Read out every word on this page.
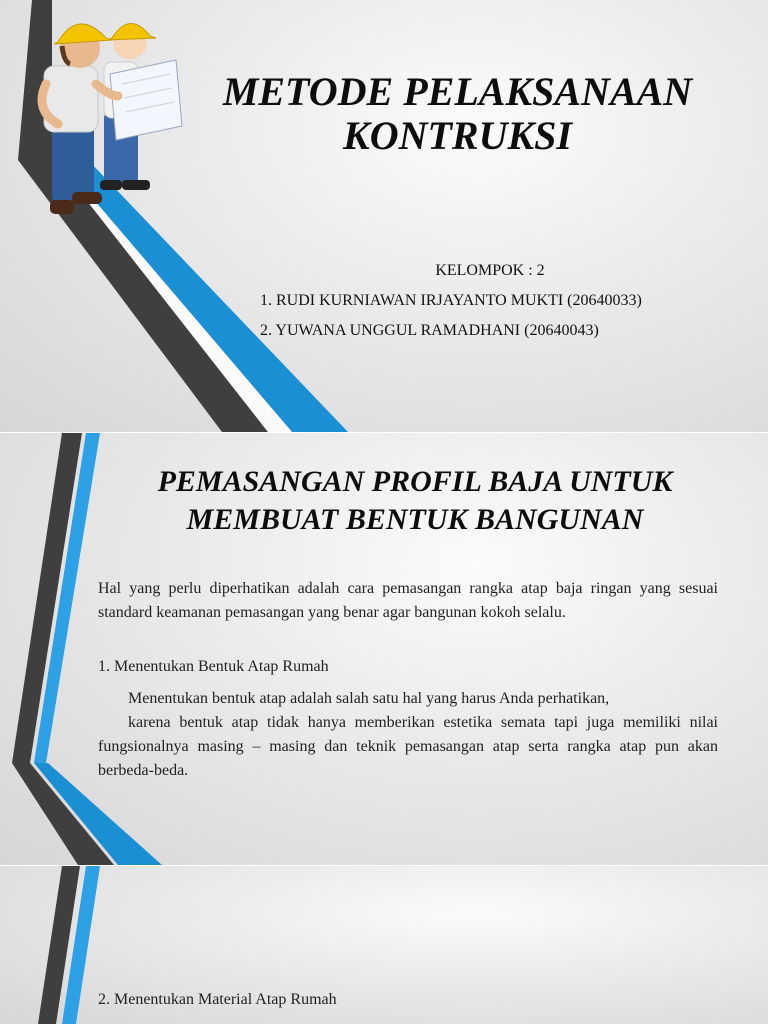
METODE PELAKSANAAN
KONTRUKSI
KELOMPOK : 2
1. RUDI KURNIAWAN IRJAYANTO MUKTI (20640033)
2. YUWANA UNGGUL RAMADHANI (20640043)
PEMASANGAN PROFIL BAJA UNTUK
MEMBUAT BENTUK BANGUNAN
Hal yang perlu diperhatikan adalah cara pemasangan rangka atap baja ringan yang sesuai standard keamanan pemasangan yang benar agar bangunan kokoh selalu.
1. Menentukan Bentuk Atap Rumah

Menentukan bentuk atap adalah salah satu hal yang harus Anda perhatikan,

karena bentuk atap tidak hanya memberikan estetika semata tapi juga memiliki nilai fungsionalnya masing – masing dan teknik pemasangan atap serta rangka atap pun akan berbeda-beda.

2. Menentukan Material Atap Rumah
